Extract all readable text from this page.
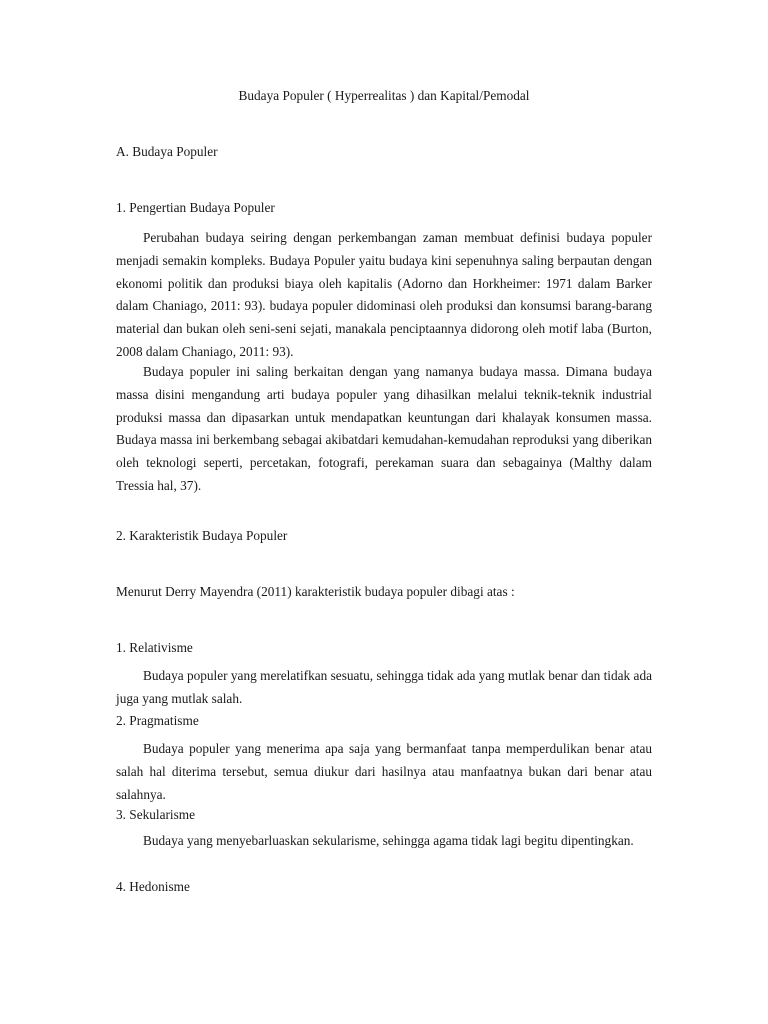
Budaya Populer ( Hyperrealitas ) dan Kapital/Pemodal

A. Budaya Populer

1. Pengertian Budaya Populer

Perubahan budaya seiring dengan perkembangan zaman membuat definisi budaya populer menjadi semakin kompleks. Budaya Populer yaitu budaya kini sepenuhnya saling berpautan dengan ekonomi politik dan produksi biaya oleh kapitalis (Adorno dan Horkheimer: 1971 dalam Barker dalam Chaniago, 2011: 93). budaya populer didominasi oleh produksi dan konsumsi barang-barang material dan bukan oleh seni-seni sejati, manakala penciptaannya didorong oleh motif laba (Burton, 2008 dalam Chaniago, 2011: 93).

Budaya populer ini saling berkaitan dengan yang namanya budaya massa. Dimana budaya massa disini mengandung arti budaya populer yang dihasilkan melalui teknik-teknik industrial produksi massa dan dipasarkan untuk mendapatkan keuntungan dari khalayak konsumen massa. Budaya massa ini berkembang sebagai akibatdari kemudahan-kemudahan reproduksi yang diberikan oleh teknologi seperti, percetakan, fotografi, perekaman suara dan sebagainya (Malthy dalam Tressia hal, 37).

2. Karakteristik Budaya Populer

Menurut Derry Mayendra (2011) karakteristik budaya populer dibagi atas :

1. Relativisme

Budaya populer yang merelatifkan sesuatu, sehingga tidak ada yang mutlak benar dan tidak ada juga yang mutlak salah.

2. Pragmatisme

Budaya populer yang menerima apa saja yang bermanfaat tanpa memperdulikan benar atau salah hal diterima tersebut, semua diukur dari hasilnya atau manfaatnya bukan dari benar atau salahnya.

3. Sekularisme

Budaya yang menyebarluaskan sekularisme, sehingga agama tidak lagi begitu dipentingkan.

4. Hedonisme
